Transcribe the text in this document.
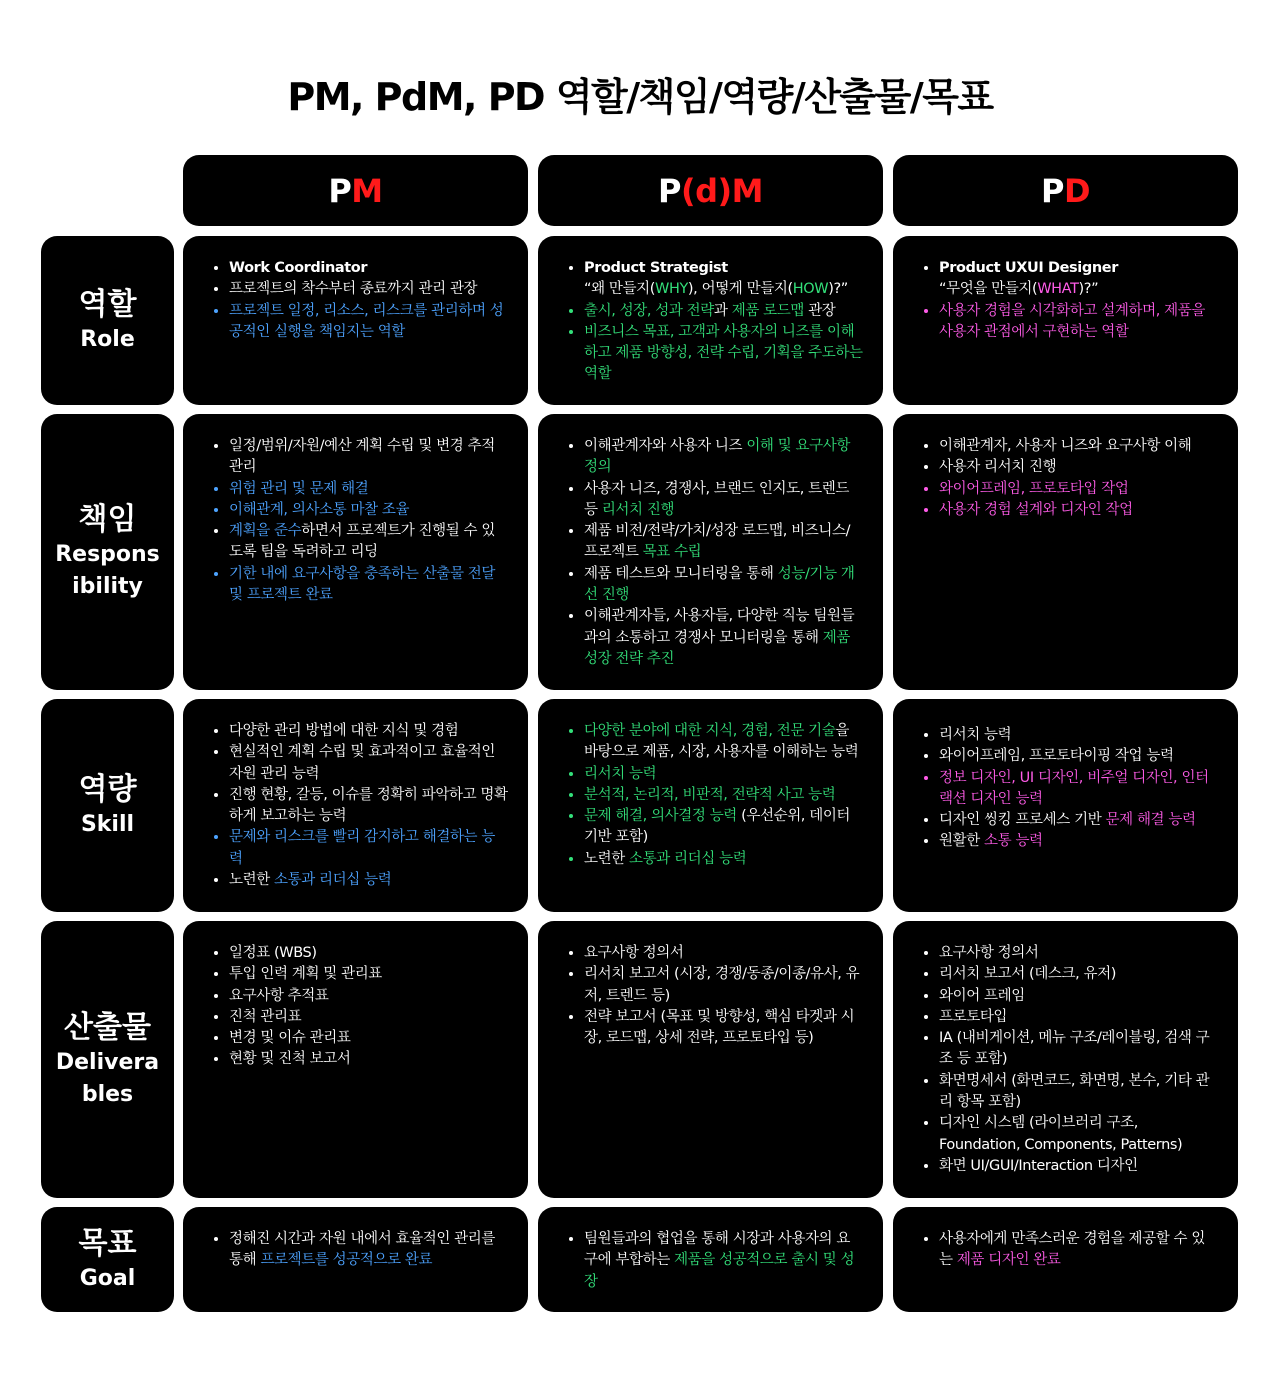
PM, PdM, PD 역할/책임/역량/산출물/목표
P M	P (d)M	P D
역할
Role
책임
Responsibility
역량
Skill
산출물
Deliverables
목표
Goal
• Work Coordinator
• 프로젝트의 착수부터 종료까지 관리 관장
• 프로젝트 일정, 리소스, 리스크를 관리하며 성공적인 실행을 책임지는 역할
• Product Strategist
“왜 만들지(WHY), 어떻게 만들지(HOW)?”
• 출시, 성장, 성과 전략과 제품 로드맵 관장
• 비즈니스 목표, 고객과 사용자의 니즈를 이해하고 제품 방향성, 전략 수립, 기획을 주도하는 역할
• Product UXUI Designer
“무엇을 만들지(WHAT)?”
• 사용자 경험을 시각화하고 설계하며, 제품을 사용자 관점에서 구현하는 역할
• 일정/범위/자원/예산 계획 수립 및 변경 추적 관리
• 위험 관리 및 문제 해결
• 이해관계, 의사소통 마찰 조율
• 계획을 준수하면서 프로젝트가 진행될 수 있도록 팀을 독려하고 리딩
• 기한 내에 요구사항을 충족하는 산출물 전달 및 프로젝트 완료
• 이해관계자와 사용자 니즈 이해 및 요구사항 정의
• 사용자 니즈, 경쟁사, 브랜드 인지도, 트렌드 등 리서치 진행
• 제품 비전/전략/가치/성장 로드맵, 비즈니스/프로젝트 목표 수립
• 제품 테스트와 모니터링을 통해 성능/기능 개선 진행
• 이해관계자들, 사용자들, 다양한 직능 팀원들과의 소통하고 경쟁사 모니터링을 통해 제품 성장 전략 추진
• 이해관계자, 사용자 니즈와 요구사항 이해
• 사용자 리서치 진행
• 와이어프레임, 프로토타입 작업
• 사용자 경험 설계와 디자인 작업
• 다양한 관리 방법에 대한 지식 및 경험
• 현실적인 계획 수립 및 효과적이고 효율적인 자원 관리 능력
• 진행 현황, 갈등, 이슈를 정확히 파악하고 명확하게 보고하는 능력
• 문제와 리스크를 빨리 감지하고 해결하는 능력
• 노련한 소통과 리더십 능력
• 다양한 분야에 대한 지식, 경험, 전문 기술을 바탕으로 제품, 시장, 사용자를 이해하는 능력
• 리서치 능력
• 분석적, 논리적, 비판적, 전략적 사고 능력
• 문제 해결, 의사결정 능력 (우선순위, 데이터 기반 포함)
• 노련한 소통과 리더십 능력
• 리서치 능력
• 와이어프레임, 프로토타이핑 작업 능력
• 정보 디자인, UI 디자인, 비주얼 디자인, 인터랙션 디자인 능력
• 디자인 씽킹 프로세스 기반 문제 해결 능력
• 원활한 소통 능력
• 일정표 (WBS)
• 투입 인력 계획 및 관리표
• 요구사항 추적표
• 진척 관리표
• 변경 및 이슈 관리표
• 현황 및 진척 보고서
• 요구사항 정의서
• 리서치 보고서 (시장, 경쟁/동종/이종/유사, 유저, 트렌드 등)
• 전략 보고서 (목표 및 방향성, 핵심 타겟과 시장, 로드맵, 상세 전략, 프로토타입 등)
• 요구사항 정의서
• 리서치 보고서 (데스크, 유저)
• 와이어 프레임
• 프로토타입
• IA (내비게이션, 메뉴 구조/레이블링, 검색 구조 등 포함)
• 화면명세서 (화면코드, 화면명, 본수, 기타 관리 항목 포함)
• 디자인 시스템 (라이브러리 구조, Foundation, Components, Patterns)
• 화면 UI/GUI/Interaction 디자인
• 정해진 시간과 자원 내에서 효율적인 관리를 통해 프로젝트를 성공적으로 완료
• 팀원들과의 협업을 통해 시장과 사용자의 요구에 부합하는 제품을 성공적으로 출시 및 성장
• 사용자에게 만족스러운 경험을 제공할 수 있는 제품 디자인 완료
